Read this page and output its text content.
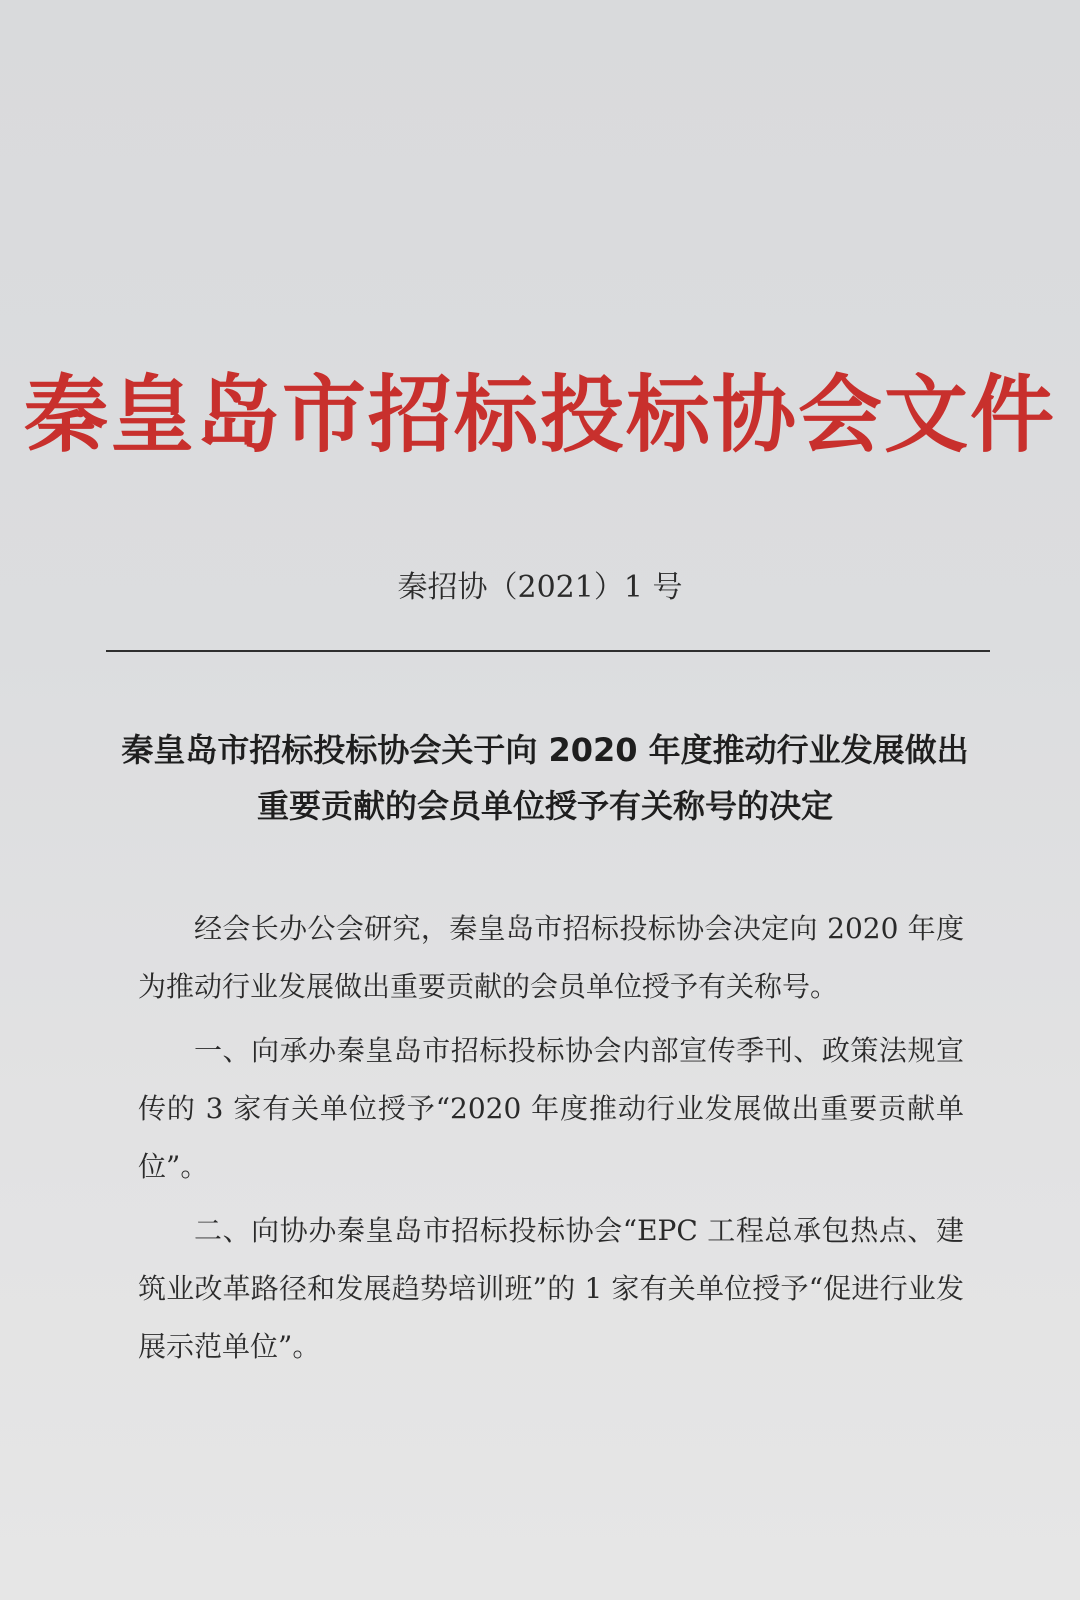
秦皇岛市招标投标协会文件
秦招协（2021）1 号
秦皇岛市招标投标协会关于向 2020 年度推动行业发展做出
重要贡献的会员单位授予有关称号的决定

经会长办公会研究，秦皇岛市招标投标协会决定向 2020 年度为推动行业发展做出重要贡献的会员单位授予有关称号。

一、向承办秦皇岛市招标投标协会内部宣传季刊、政策法规宣传的 3 家有关单位授予“2020 年度推动行业发展做出重要贡献单位”。

二、向协办秦皇岛市招标投标协会“EPC 工程总承包热点、建筑业改革路径和发展趋势培训班”的 1 家有关单位授予“促进行业发展示范单位”。
